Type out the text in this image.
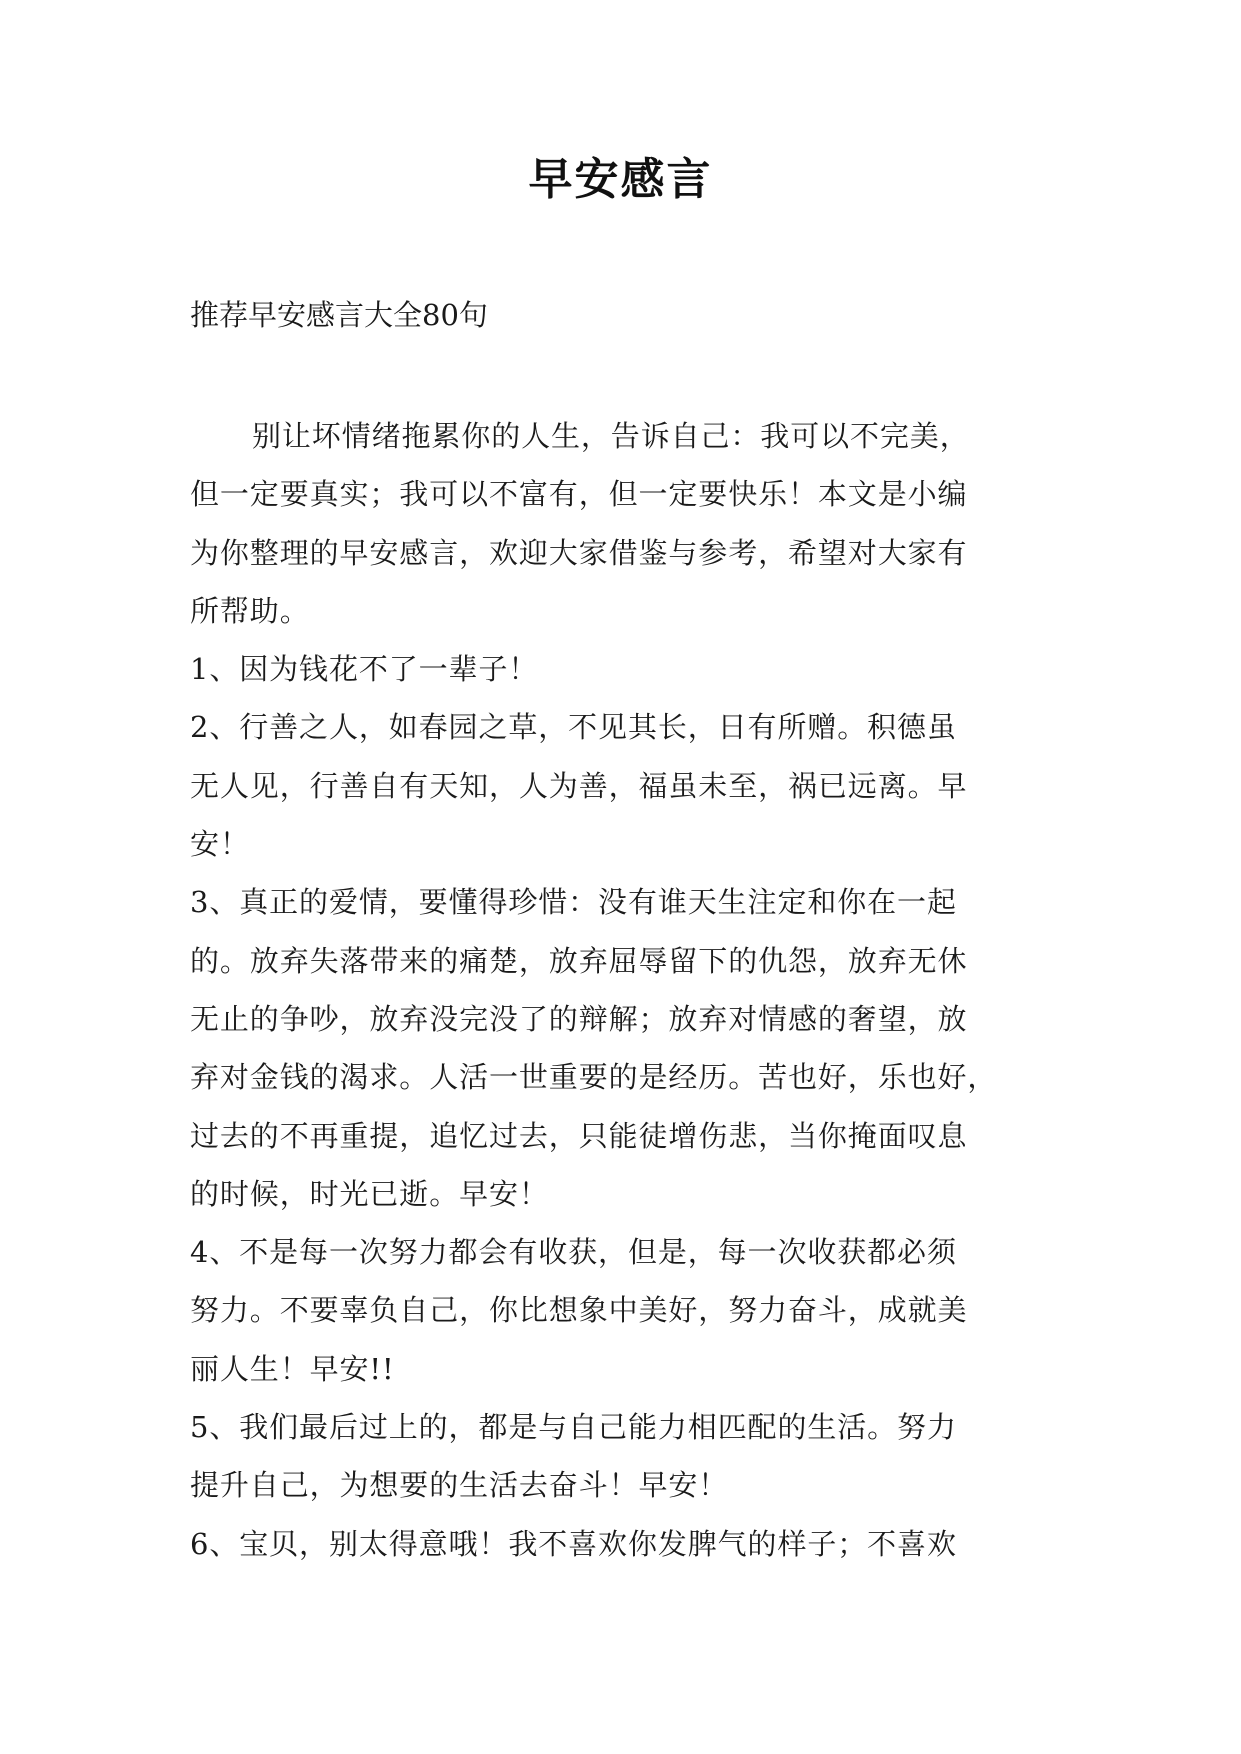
早安感言

推荐早安感言大全80句

别让坏情绪拖累你的人生，告诉自己：我可以不完美，
但一定要真实；我可以不富有，但一定要快乐！本文是小编
为你整理的早安感言，欢迎大家借鉴与参考，希望对大家有
所帮助。
1、因为钱花不了一辈子！
2、行善之人，如春园之草，不见其长，日有所赠。积德虽
无人见，行善自有天知，人为善，福虽未至，祸已远离。早
安！
3、真正的爱情，要懂得珍惜：没有谁天生注定和你在一起
的。放弃失落带来的痛楚，放弃屈辱留下的仇怨，放弃无休
无止的争吵，放弃没完没了的辩解；放弃对情感的奢望，放
弃对金钱的渴求。人活一世重要的是经历。苦也好，乐也好，
过去的不再重提，追忆过去，只能徒增伤悲，当你掩面叹息
的时候，时光已逝。早安！
4、不是每一次努力都会有收获，但是，每一次收获都必须
努力。不要辜负自己，你比想象中美好，努力奋斗，成就美
丽人生！早安!!
5、我们最后过上的，都是与自己能力相匹配的生活。努力
提升自己，为想要的生活去奋斗！早安！
6、宝贝，别太得意哦！我不喜欢你发脾气的样子；不喜欢
